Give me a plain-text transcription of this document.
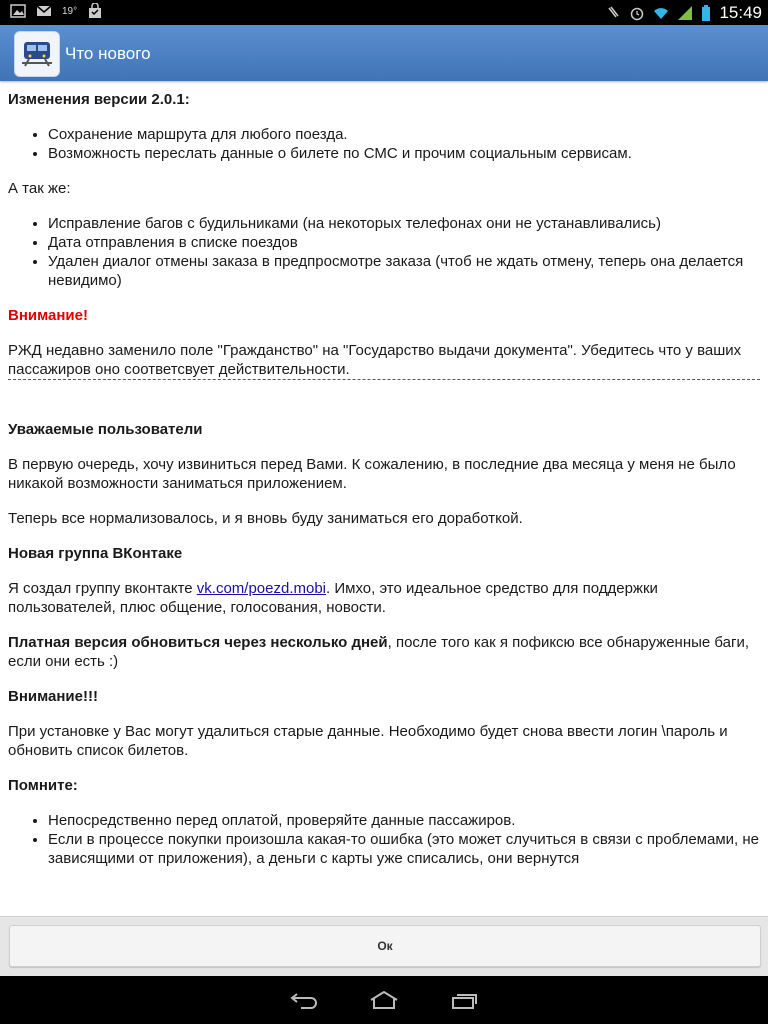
19°	15:49
Что нового

Изменения версии 2.0.1:

• Сохранение маршрута для любого поезда.
• Возможность переслать данные о билете по СМС и прочим социальным сервисам.

А так же:

• Исправление багов с будильниками (на некоторых телефонах они не устанавливались)
• Дата отправления в списке поездов
• Удален диалог отмены заказа в предпросмотре заказа (чтоб не ждать отмену, теперь она делается невидимо)

Внимание!

РЖД недавно заменило поле "Гражданство" на "Государство выдачи документа". Убедитесь что у ваших пассажиров оно соответсвует действительности.

Уважаемые пользователи

В первую очередь, хочу извиниться перед Вами. К сожалению, в последние два месяца у меня не было никакой возможности заниматься приложением.

Теперь все нормализовалось, и я вновь буду заниматься его доработкой.

Новая группа ВКонтаке

Я создал группу вконтакте vk.com/poezd.mobi. Имхо, это идеальное средство для поддержки пользователей, плюс общение, голосования, новости.

Платная версия обновиться через несколько дней, после того как я пофиксю все обнаруженные баги, если они есть :)

Внимание!!!

При установке у Вас могут удалиться старые данные. Необходимо будет снова ввести логин \пароль и обновить список билетов.

Помните:

• Непосредственно перед оплатой, проверяйте данные пассажиров.
• Если в процессе покупки произошла какая-то ошибка (это может случиться в связи с проблемами, не зависящими от приложения), а деньги с карты уже списались, они вернутся
Ок
